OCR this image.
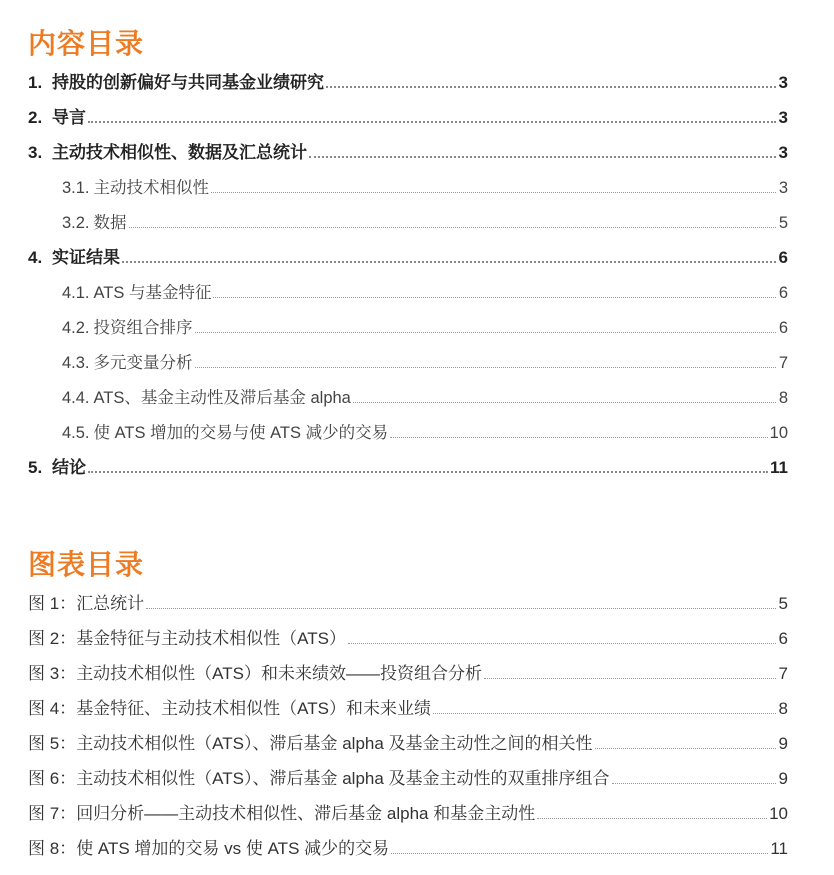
内容目录
1. 持股的创新偏好与共同基金业绩研究	3
2. 导言	3
3. 主动技术相似性、数据及汇总统计	3
3.1. 主动技术相似性	3
3.2. 数据	5
4. 实证结果	6
4.1. ATS 与基金特征	6
4.2. 投资组合排序	6
4.3. 多元变量分析	7
4.4. ATS、基金主动性及滞后基金 alpha	8
4.5. 使 ATS 增加的交易与使 ATS 减少的交易	10
5. 结论	11
图表目录
图 1： 汇总统计	5
图 2： 基金特征与主动技术相似性（ATS）	6
图 3： 主动技术相似性（ATS）和未来绩效——投资组合分析	7
图 4： 基金特征、主动技术相似性（ATS）和未来业绩	8
图 5： 主动技术相似性（ATS）、滞后基金 alpha 及基金主动性之间的相关性	9
图 6： 主动技术相似性（ATS）、滞后基金 alpha 及基金主动性的双重排序组合	9
图 7： 回归分析——主动技术相似性、滞后基金 alpha 和基金主动性	10
图 8： 使 ATS 增加的交易 vs 使 ATS 减少的交易	11
